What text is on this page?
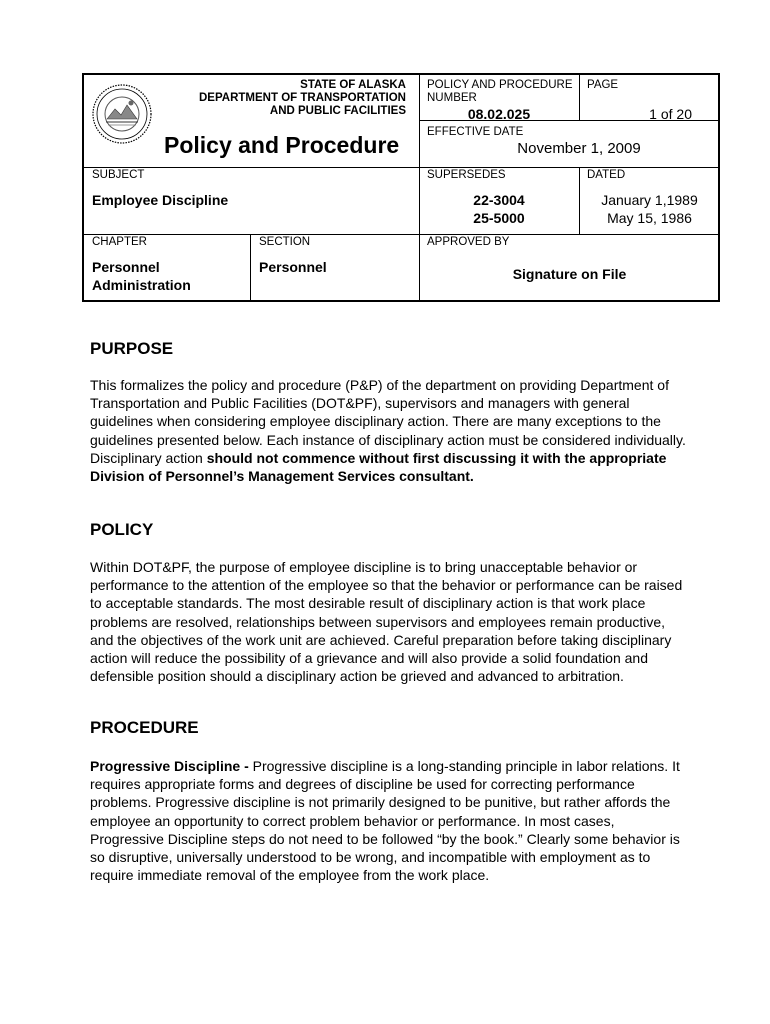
STATE OF ALASKA
DEPARTMENT OF TRANSPORTATION
AND PUBLIC FACILITIES
Policy and Procedure
POLICY AND PROCEDURE
NUMBER
08.02.025
PAGE
1 of 20
EFFECTIVE DATE
November 1, 2009
SUBJECT
Employee Discipline
SUPERSEDES
22-3004
25-5000
DATED
January 1,1989
May 15, 1986
CHAPTER
Personnel
Administration
SECTION
Personnel
APPROVED BY
Signature on File
PURPOSE
This formalizes the policy and procedure (P&P) of the department on providing Department of Transportation and Public Facilities (DOT&PF), supervisors and managers with general guidelines when considering employee disciplinary action. There are many exceptions to the guidelines presented below. Each instance of disciplinary action must be considered individually. Disciplinary action should not commence without first discussing it with the appropriate Division of Personnel’s Management Services consultant.
POLICY
Within DOT&PF, the purpose of employee discipline is to bring unacceptable behavior or performance to the attention of the employee so that the behavior or performance can be raised to acceptable standards. The most desirable result of disciplinary action is that work place problems are resolved, relationships between supervisors and employees remain productive, and the objectives of the work unit are achieved. Careful preparation before taking disciplinary action will reduce the possibility of a grievance and will also provide a solid foundation and defensible position should a disciplinary action be grieved and advanced to arbitration.
PROCEDURE
Progressive Discipline - Progressive discipline is a long-standing principle in labor relations. It requires appropriate forms and degrees of discipline be used for correcting performance problems. Progressive discipline is not primarily designed to be punitive, but rather affords the employee an opportunity to correct problem behavior or performance. In most cases, Progressive Discipline steps do not need to be followed “by the book.” Clearly some behavior is so disruptive, universally understood to be wrong, and incompatible with employment as to require immediate removal of the employee from the work place.
